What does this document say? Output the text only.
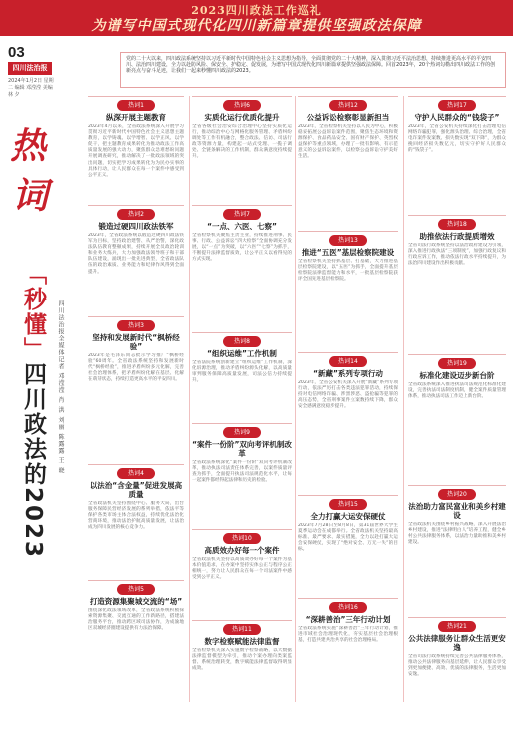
2023四川政法工作巡礼
为谱写中国式现代化四川新篇章提供坚强政法保障
03
四川法治报
2024年1月2日 星期二 编辑 邓滢滢 美编 林 夕
热
词
「秒懂」四川政法的2023	四川法治报全媒体记者 邓滢滢 肖 洪 刘丽 陈露露 王 晓
党的二十大以来，四川政法系统坚持以习近平新时代中国特色社会主义思想为指导，全面贯彻党的二十大精神，深入贯彻习近平法治思想，持续推进更高水平的平安四川、法治四川建设，全力以赴防风险、保安全、护稳定、促发展，为谱写中国式现代化四川新篇章提供坚强政法保障。回首2023年，20个热词勾勒出四川政法工作的创新亮点与奋斗足迹，让我们一起来秒懂四川政法的2023。
热词1
纵深开展主题教育
2023年4月以来，全省政法系统深入开展学习贯彻习近平新时代中国特色社会主义思想主题教育，以学铸魂、以学增智、以学正风、以学促干，把主题教育成果转化为推动政法工作高质量发展的强大动力，聚焦群众急难愁盼问题开展调查研究，推动解决了一批政法领域的突出问题，切实把学习成果转化为为民办实事的具体行动，让人民群众在每一个案件中感受到公平正义。
热词2
锻造过硬四川政法铁军
2023年，全省政法系统以锻造过硬四川政法铁军为目标，坚持政治建警、从严治警，深化政法队伍教育整顿成果，持续开展全员政治轮训和业务大练兵，大力加强政法领导班子和干部队伍建设，涌现出一批先进典型，全省政法队伍的政治素质、业务能力和纪律作风得到全面提升。
热词3
坚持和发展新时代“枫桥经验”
2023年是毛泽东同志批示学习推广“枫桥经验”60周年。全省政法系统坚持和发展新时代“枫桥经验”，推进矛盾纠纷多元化解，完善社会治理体系，把矛盾纠纷化解在基层、化解在萌芽状态，持续打造更高水平的平安四川。
热词4
以法治“含金量”促进发展高质量
全省政法机关坚持围绕中心、服务大局，出台服务保障民营经济发展的系列举措，依法平等保护各类市场主体合法权益，持续优化法治化营商环境，推动法治护航高质量发展，让法治成为四川发展的核心竞争力。
热词5
打造资源集聚城交流的“场”
围绕深化政法领域改革，全省政法系统积极探索资源集聚、交流互通的工作新路径，搭建法治服务平台，推动跨区域司法协作，为成渝地区双城经济圈建设提供有力法治保障。
热词6
实质化运行优质化提升
全省各级社会治安综合治理中心坚持实质化运行，推动综治中心与网格化服务管理、矛盾纠纷调处等工作有机融合，整合政法、信访、司法行政等资源力量，构建起一站式受理、一揽子调处、全链条解决的工作机制，群众满意度持续提升。
热词7
“一点、六医、七察”
全省检察机关聚焦主责主业，持续推进刑事、民事、行政、公益诉讼“四大检察”全面协调充分发展，以“一点”为突破，以“六医”“七察”为抓手，不断提升法律监督质效，让公平正义以看得见的方式实现。
热词8
“组织运维”工作机制
全省法院系统创新建立“组织运维”工作机制，深化诉源治理，推动矛盾纠纷源头化解，以高质量审判服务保障高质量发展，司法公信力持续提升。
热词9
“案件一份阶”双向考评机制改革
全省政法系统深化“案件一份阶”双向考评机制改革，推动执法司法责任体系完善，以案件质量评查为抓手，全面提升执法司法规范化水平，让每一起案件都经得起法律和历史的检验。
热词10
高质效办好每一个案件
全省政法机关坚持以高质效办好每一个案件为基本价值追求，在办案中坚持实体公正与程序公正相统一，努力让人民群众在每一个司法案件中感受到公平正义。
热词11
数字检察赋能法律监督
全省检察机关深入实施数字检察战略，以大数据法律监督模型为牵引，推动个案办理向类案监督、系统治理转变，数字赋能法律监督取得明显成效。
热词12
公益诉讼检察彰显新担当
2023年，全省检察机关坚持以人民为中心，积极稳妥拓展公益诉讼案件范围，聚焦生态环境和资源保护、食品药品安全、国有财产保护、英烈权益保护等重点领域，办理了一批有影响、有示范意义的公益诉讼案件，以检察公益诉讼守护美好生活。
热词13
推进“五医”基层检察院建设
全省检察机关坚持抓基层、打基础，大力推进基层检察院建设，以“五医”为抓手，全面提升基层检察院法律监督能力和水平，一批基层检察院获评全国先进基层检察院。
热词14
“新藏”系列专项行动
2023年，全省公安机关深入开展“新藏”系列专项行动，依法严厉打击各类违法犯罪活动，持续保持对电信网络诈骗、涉黑涉恶、盗抢骗等犯罪的高压态势，全省刑事案件立案数持续下降，群众安全感满意度稳步提升。
热词15
全力打赢大运安保硬仗
2023年7月28日至8月8日，第31届世界大学生夏季运动会在成都举行。全省政法机关坚持最高标准、最严要求、最实措施，全力以赴打赢大运会安保硬仗，实现了“绝对安全、万无一失”的目标。
热词16
“深耕善治”三年行动计划
全省政法系统实施“深耕善治”三年行动计划，推进市域社会治理现代化，夯实基层社会治理根基，打造共建共治共享的社会治理格局。
热词17
守护人民群众的“钱袋子”
2023年，全省公安机关持续深化打击治理电信网络诈骗犯罪，强化源头治理、综合治理，全省电诈案件发案数、损失数实现“双下降”，为群众挽回经济损失数亿元，切实守护好人民群众的“钱袋子”。
热词18
助推依法行政提质增效
全省司法行政系统坚持以法治政府建设为引领，深入推进行政执法“三项制度”，加强行政复议和行政应诉工作，推动依法行政水平持续提升，为法治四川建设作出积极贡献。
热词19
标准化建设迈步新台阶
全省政法系统深入推进执法司法规范化标准化建设，完善执法司法制度机制，健全案件质量管理体系，推动执法司法工作迈上新台阶。
热词20
法治助力富民富业和美乡村建设
全省政法机关围绕乡村振兴战略，深入开展法治乡村建设，推进“法律明白人”培养工程，健全乡村公共法律服务体系，以法治力量助推和美乡村建设。
热词21
公共法律服务让群众生活更安逸
全省司法行政系统持续完善公共法律服务体系，推动公共法律服务向基层延伸，让人民群众享受到更加便捷、高效、优质的法律服务，生活更加安逸。
